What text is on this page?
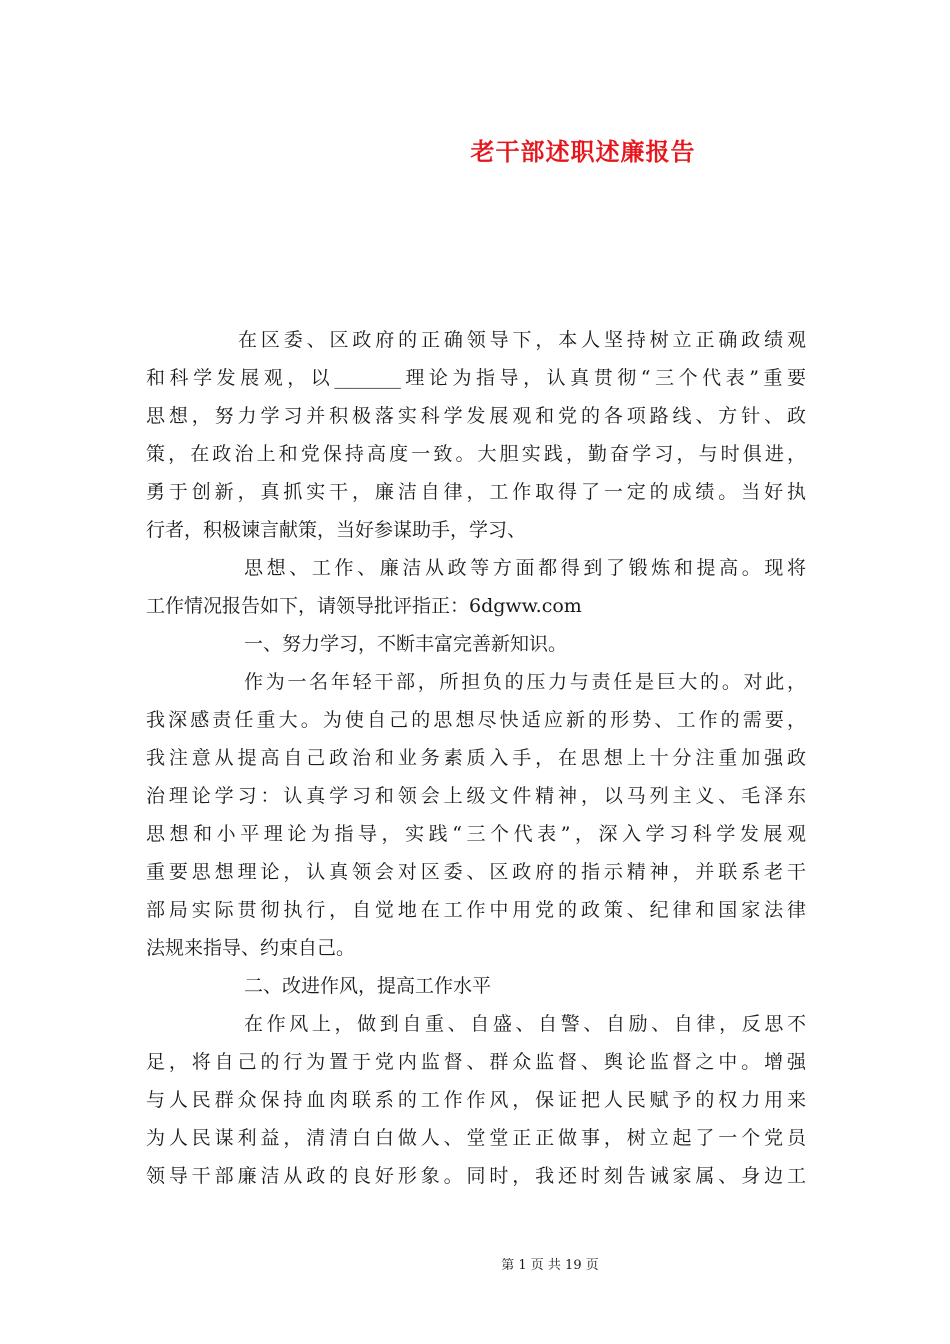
老干部述职述廉报告
在区委、区政府的正确领导下，本人坚持树立正确政绩观
和科学发展观，以_______理论为指导，认真贯彻“三个代表”重要
思想，努力学习并积极落实科学发展观和党的各项路线、方针、政
策，在政治上和党保持高度一致。大胆实践，勤奋学习，与时俱进，
勇于创新，真抓实干，廉洁自律，工作取得了一定的成绩。当好执
行者，积极谏言献策，当好参谋助手，学习、
思想、工作、廉洁从政等方面都得到了锻炼和提高。现将
工作情况报告如下，请领导批评指正：6dgww.com
一、努力学习，不断丰富完善新知识。
作为一名年轻干部，所担负的压力与责任是巨大的。对此，
我深感责任重大。为使自己的思想尽快适应新的形势、工作的需要，
我注意从提高自己政治和业务素质入手，在思想上十分注重加强政
治理论学习：认真学习和领会上级文件精神，以马列主义、毛泽东
思想和小平理论为指导，实践“三个代表”，深入学习科学发展观
重要思想理论，认真领会对区委、区政府的指示精神，并联系老干
部局实际贯彻执行，自觉地在工作中用党的政策、纪律和国家法律
法规来指导、约束自己。
二、改进作风，提高工作水平
在作风上，做到自重、自盛、自警、自励、自律，反思不
足，将自己的行为置于党内监督、群众监督、舆论监督之中。增强
与人民群众保持血肉联系的工作作风，保证把人民赋予的权力用来
为人民谋利益，清清白白做人、堂堂正正做事，树立起了一个党员
领导干部廉洁从政的良好形象。同时，我还时刻告诫家属、身边工
第 1 页 共 19 页
